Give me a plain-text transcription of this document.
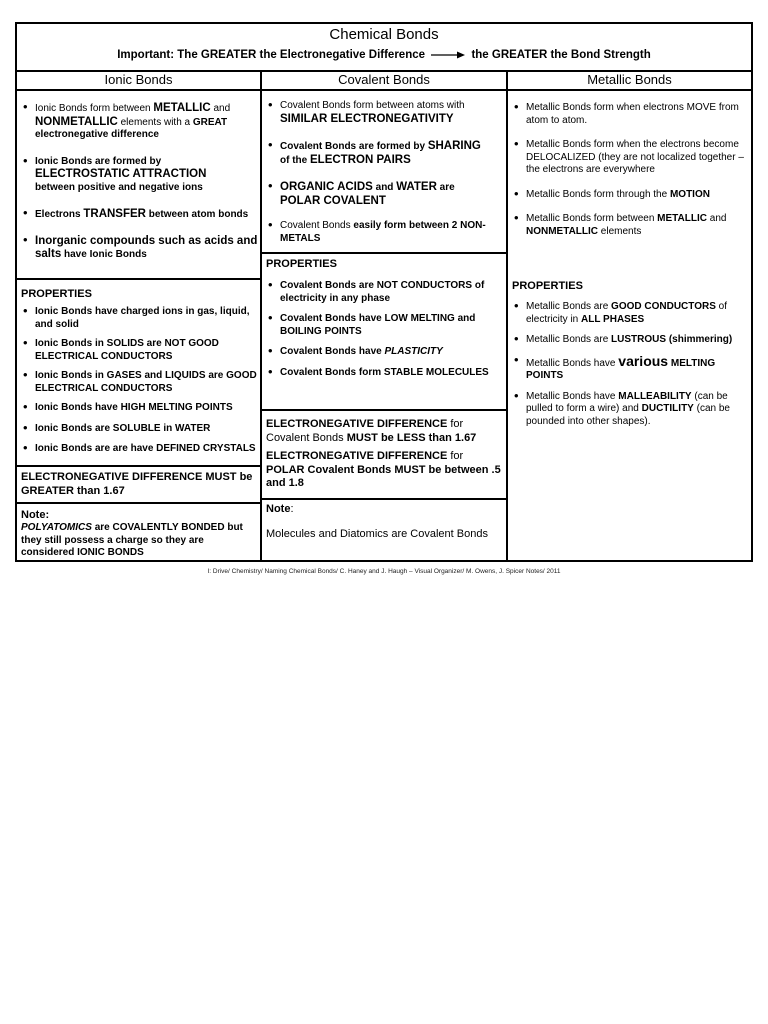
Chemical Bonds
Important: The GREATER the Electronegative Difference	the GREATER the Bond Strength
Ionic Bonds
• Ionic Bonds form between METALLIC and
NONMETALLIC elements with a GREAT
electronegative difference
• Ionic Bonds are formed by
ELECTROSTATIC ATTRACTION
between positive and negative ions
• Electrons TRANSFER between atom bonds
• Inorganic compounds such as acids and salts have Ionic Bonds
PROPERTIES
• Ionic Bonds have charged ions in gas, liquid, and solid
• Ionic Bonds in SOLIDS are NOT GOOD ELECTRICAL CONDUCTORS
• Ionic Bonds in GASES and LIQUIDS are GOOD ELECTRICAL CONDUCTORS
• Ionic Bonds have HIGH MELTING POINTS
• Ionic Bonds are SOLUBLE in WATER
• Ionic Bonds are are have DEFINED CRYSTALS
ELECTRONEGATIVE DIFFERENCE MUST be GREATER than 1.67

Note:

POLYATOMICS are COVALENTLY BONDED but they still possess a charge so they are considered IONIC BONDS

Covalent Bonds
• Covalent Bonds form between atoms with
SIMILAR ELECTRONEGATIVITY
• Covalent Bonds are formed by SHARING
of the ELECTRON PAIRS
• ORGANIC ACIDS and WATER are
POLAR COVALENT
• Covalent Bonds easily form between 2 NON-METALS
PROPERTIES
• Covalent Bonds are NOT CONDUCTORS of electricity in any phase
• Covalent Bonds have LOW MELTING and BOILING POINTS
• Covalent Bonds have PLASTICITY
• Covalent Bonds form STABLE MOLECULES

ELECTRONEGATIVE DIFFERENCE for

Covalent Bonds MUST be LESS than 1.67

ELECTRONEGATIVE DIFFERENCE for

POLAR Covalent Bonds MUST be between .5 and 1.8

Note:

Molecules and Diatomics are Covalent Bonds

Metallic Bonds
• Metallic Bonds form when electrons MOVE from atom to atom.
• Metallic Bonds form when the electrons become DELOCALIZED (they are not localized together – the electrons are everywhere
• Metallic Bonds form through the MOTION
• Metallic Bonds form between METALLIC and
NONMETALLIC elements
PROPERTIES
• Metallic Bonds are GOOD CONDUCTORS of electricity in ALL PHASES
• Metallic Bonds are LUSTROUS (shimmering)
• Metallic Bonds have various MELTING POINTS
• Metallic Bonds have MALLEABILITY (can be pulled to form a wire) and DUCTILITY (can be pounded into other shapes).
I: Drive/ Chemistry/ Naming Chemical Bonds/ C. Haney and J. Haugh – Visual Organizer/ M. Owens, J. Spicer Notes/ 2011
